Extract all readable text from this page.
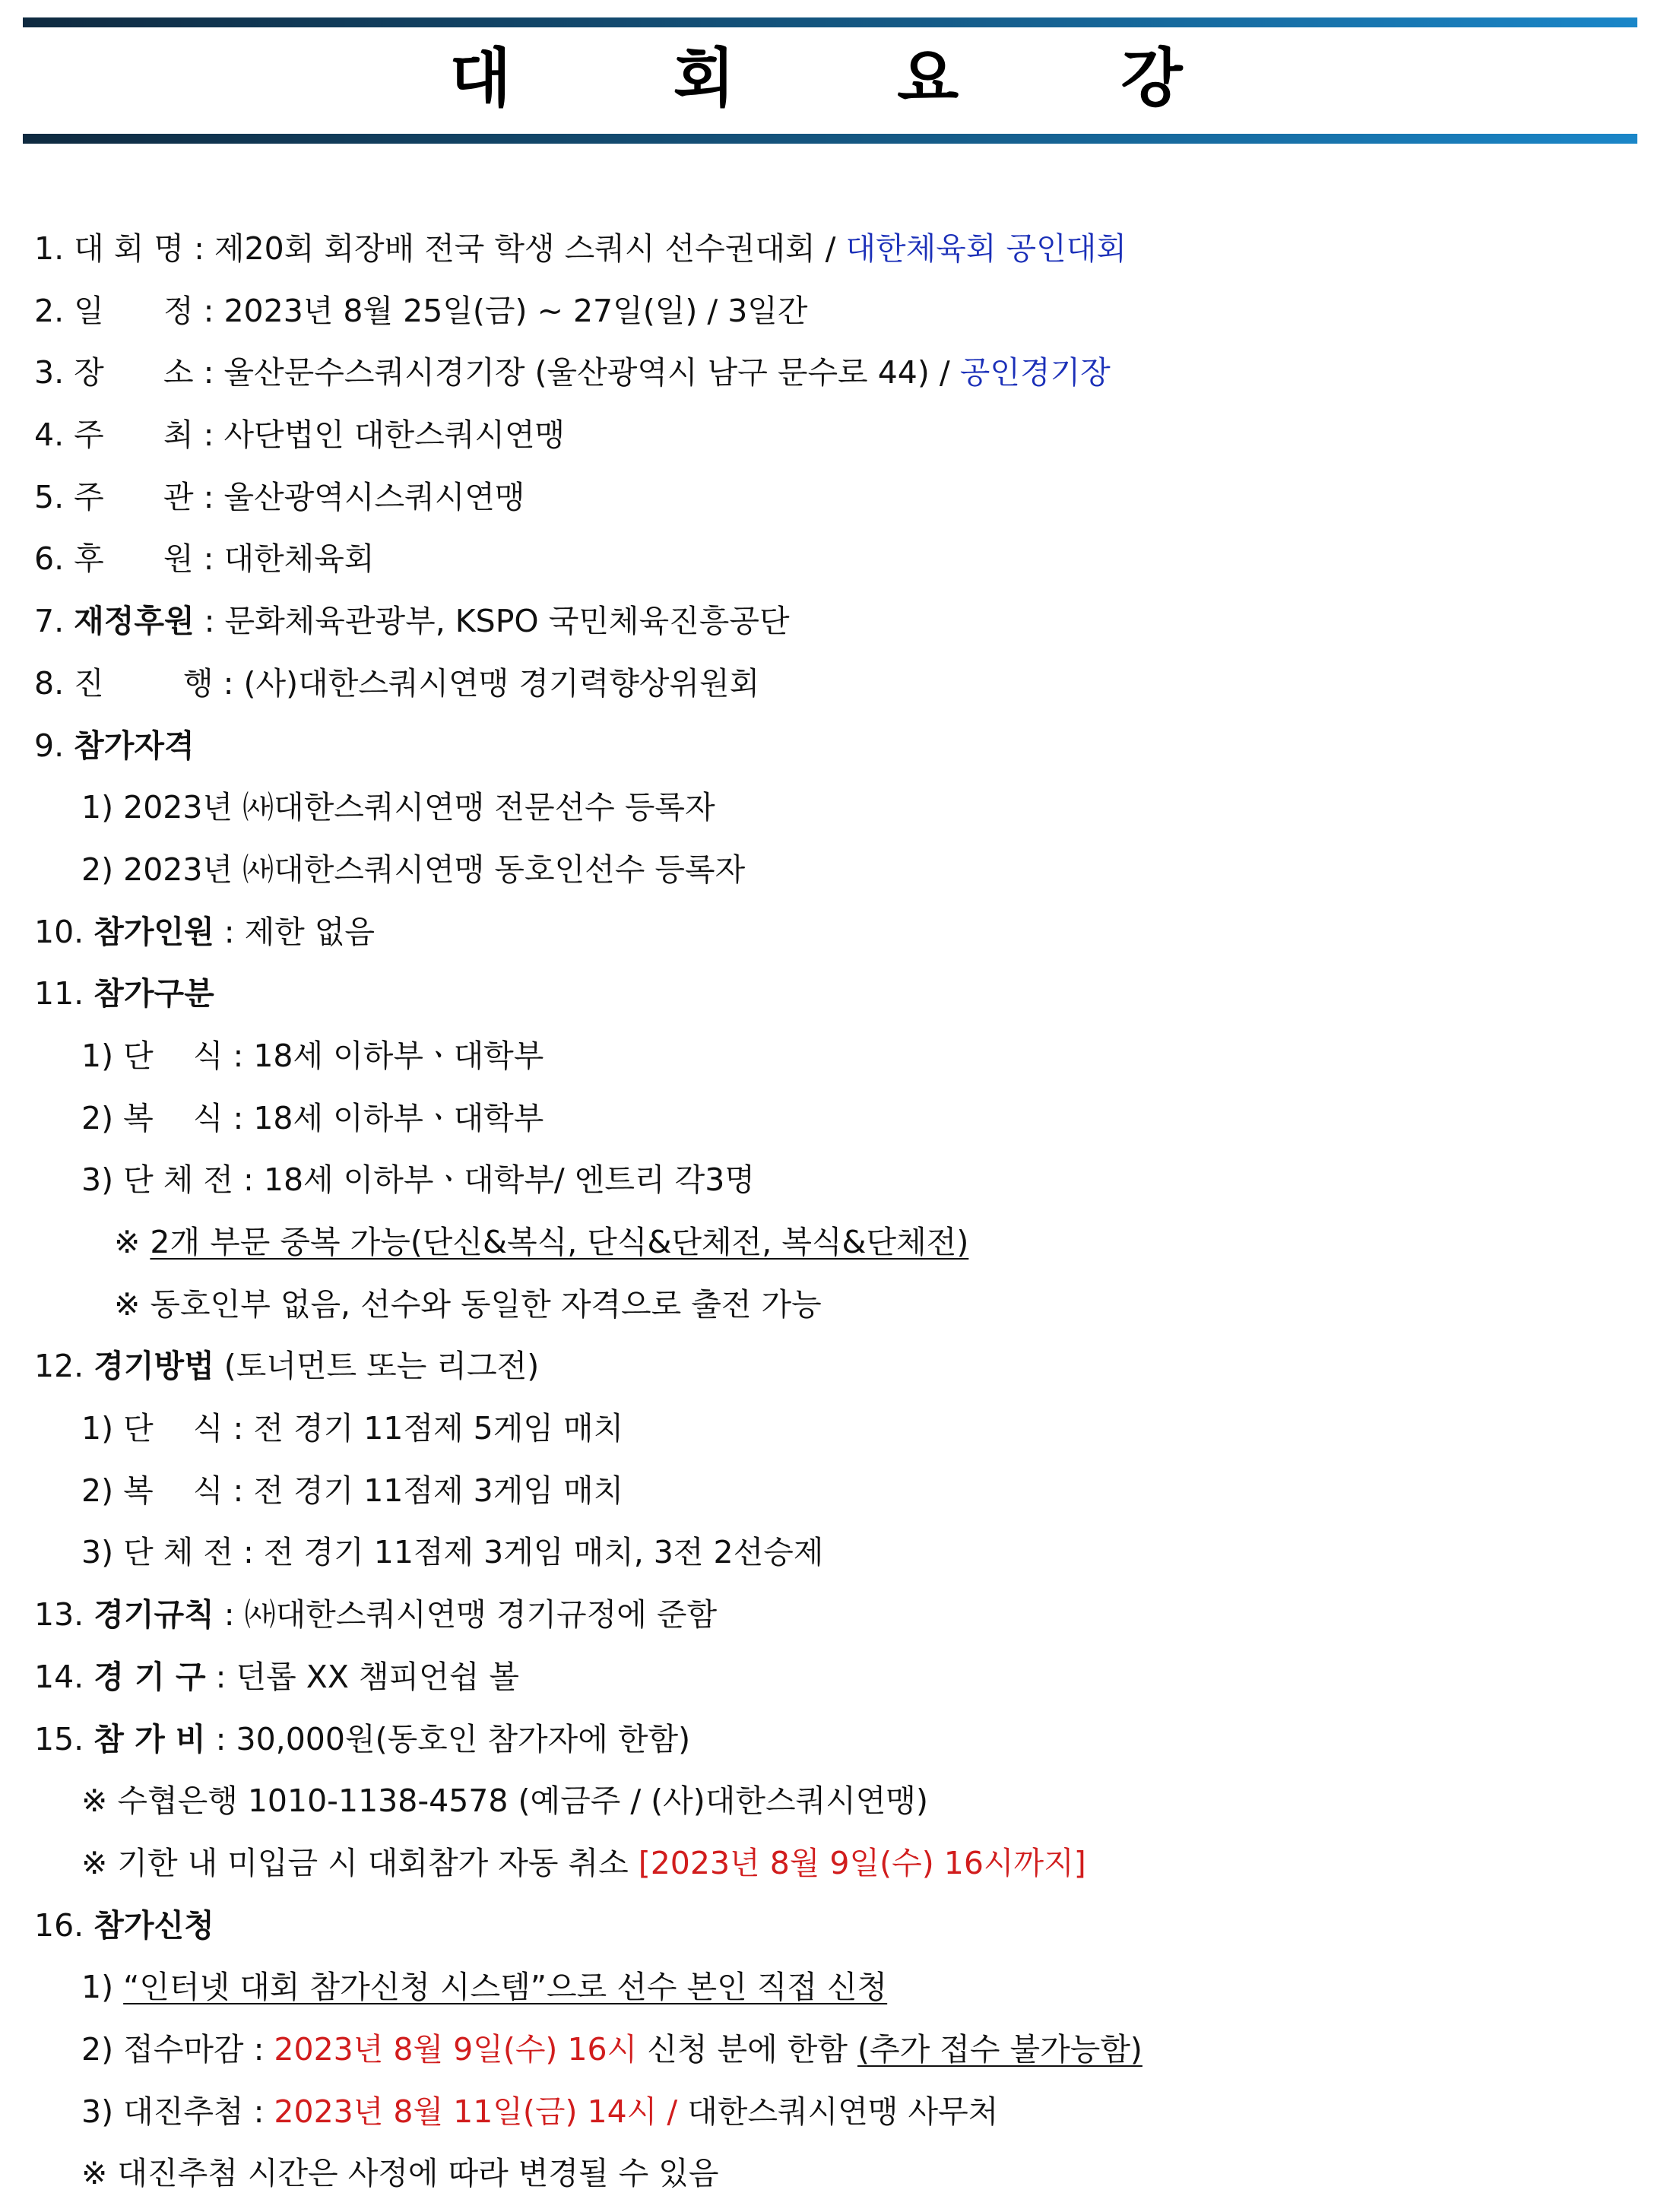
대 회 요 강
1. 대 회 명 : 제20회 회장배 전국 학생 스쿼시 선수권대회 / 대한체육회 공인대회
2. 일      정 : 2023년 8월 25일(금) ~ 27일(일) / 3일간
3. 장      소 : 울산문수스쿼시경기장 (울산광역시 남구 문수로 44) / 공인경기장
4. 주      최 : 사단법인 대한스쿼시연맹
5. 주      관 : 울산광역시스쿼시연맹
6. 후      원 : 대한체육회
7. 재정후원 : 문화체육관광부, KSPO 국민체육진흥공단
8. 진        행 : (사)대한스쿼시연맹 경기력향상위원회
9. 참가자격
1) 2023년 ㈔대한스쿼시연맹 전문선수 등록자
2) 2023년 ㈔대한스쿼시연맹 동호인선수 등록자
10. 참가인원 : 제한 없음
11. 참가구분
1) 단    식 : 18세 이하부ㆍ대학부
2) 복    식 : 18세 이하부ㆍ대학부
3) 단 체 전 : 18세 이하부ㆍ대학부/ 엔트리 각3명
※ 2개 부문 중복 가능(단신&복식, 단식&단체전, 복식&단체전)
※ 동호인부 없음, 선수와 동일한 자격으로 출전 가능
12. 경기방법 (토너먼트 또는 리그전)
1) 단    식 : 전 경기 11점제 5게임 매치
2) 복    식 : 전 경기 11점제 3게임 매치
3) 단 체 전 : 전 경기 11점제 3게임 매치, 3전 2선승제
13. 경기규칙 : ㈔대한스쿼시연맹 경기규정에 준함
14. 경 기 구 : 던롭 XX 챔피언쉽 볼
15. 참 가 비 : 30,000원(동호인 참가자에 한함)
※ 수협은행 1010-1138-4578 (예금주 / (사)대한스쿼시연맹)
※ 기한 내 미입금 시 대회참가 자동 취소 [2023년 8월 9일(수) 16시까지]
16. 참가신청
1) “인터넷 대회 참가신청 시스템”으로 선수 본인 직접 신청
2) 접수마감 : 2023년 8월 9일(수) 16시 신청 분에 한함 (추가 접수 불가능함)
3) 대진추첨 : 2023년 8월 11일(금) 14시 / 대한스쿼시연맹 사무처
※ 대진추첨 시간은 사정에 따라 변경될 수 있음
